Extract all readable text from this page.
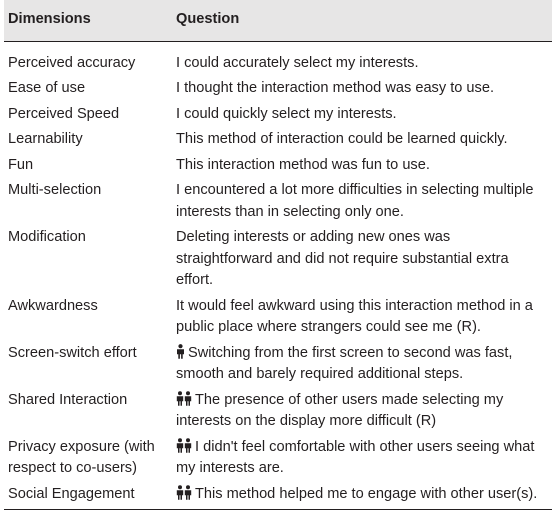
Dimensions	Question
Perceived accuracy	I could accurately select my interests.
Ease of use	I thought the interaction method was easy to use.
Perceived Speed	I could quickly select my interests.
Learnability	This method of interaction could be learned quickly.
Fun	This interaction method was fun to use.
Multi-selection	I encountered a lot more difficulties in selecting multiple interests than in selecting only one.
Modification	Deleting interests or adding new ones was straightforward and did not require substantial extra effort.
Awkwardness	It would feel awkward using this interaction method in a public place where strangers could see me (R).
Screen-switch effort	Switching from the first screen to second was fast, smooth and barely required additional steps.
Shared Interaction	The presence of other users made selecting my interests on the display more difficult (R)
Privacy exposure (with respect to co-users)	I didn't feel comfortable with other users seeing what my interests are.
Social Engagement	This method helped me to engage with other user(s).
